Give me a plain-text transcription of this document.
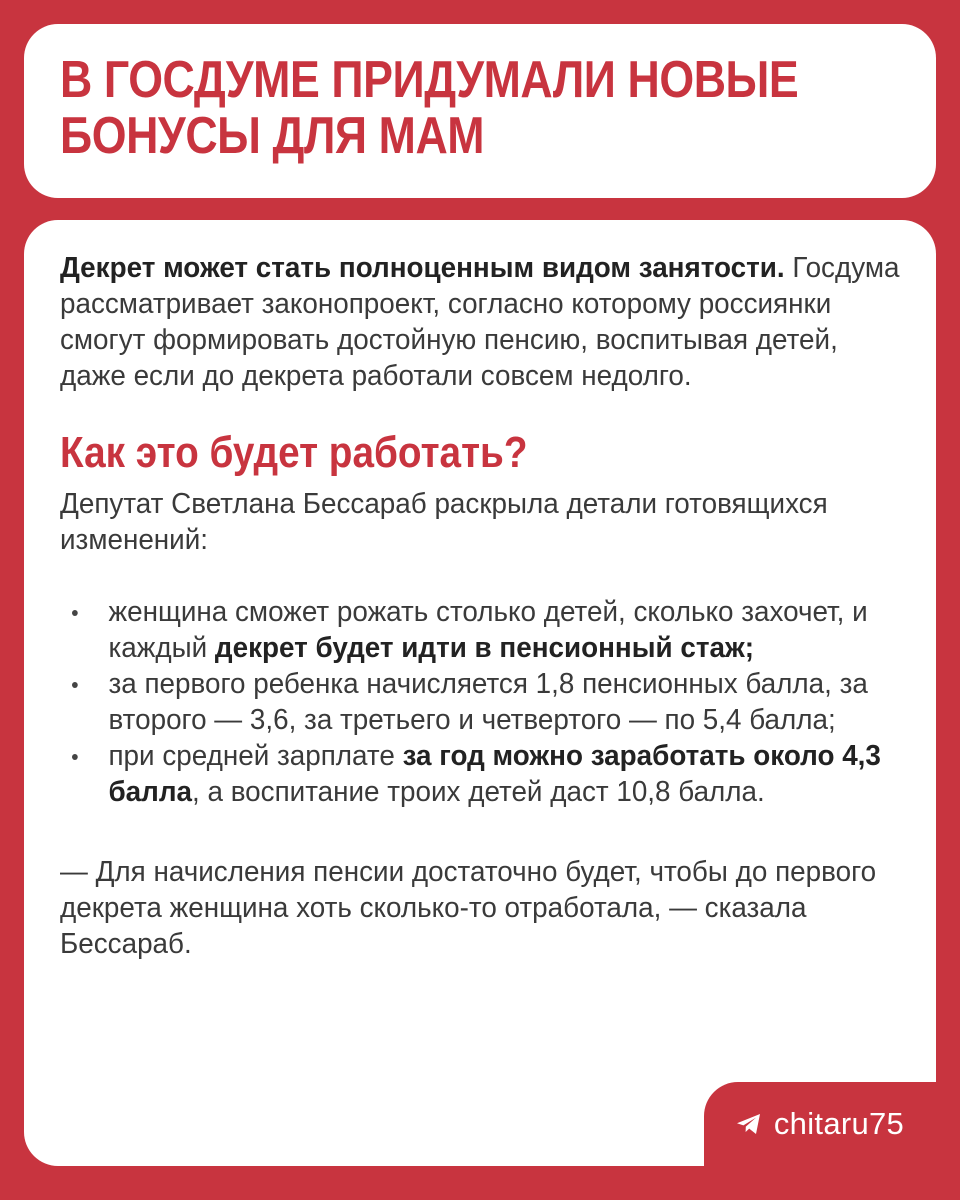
В ГОСДУМЕ ПРИДУМАЛИ НОВЫЕ
БОНУСЫ ДЛЯ МАМ

Декрет может стать полноценным видом занятости. Госдума рассматривает законопроект, согласно которому россиянки смогут формировать достойную пенсию, воспитывая детей, даже если до декрета работали совсем недолго.

Как это будет работать?

Депутат Светлана Бессараб раскрыла детали готовящихся изменений:

женщина сможет рожать столько детей, сколько захочет, и каждый декрет будет идти в пенсионный стаж;
за первого ребенка начисляется 1,8 пенсионных балла, за второго — 3,6, за третьего и четвертого — по 5,4 балла;
при средней зарплате за год можно заработать около 4,3 балла, а воспитание троих детей даст 10,8 балла.

— Для начисления пенсии достаточно будет, чтобы до первого декрета женщина хоть сколько-то отработала, — сказала Бессараб.

chitaru75
